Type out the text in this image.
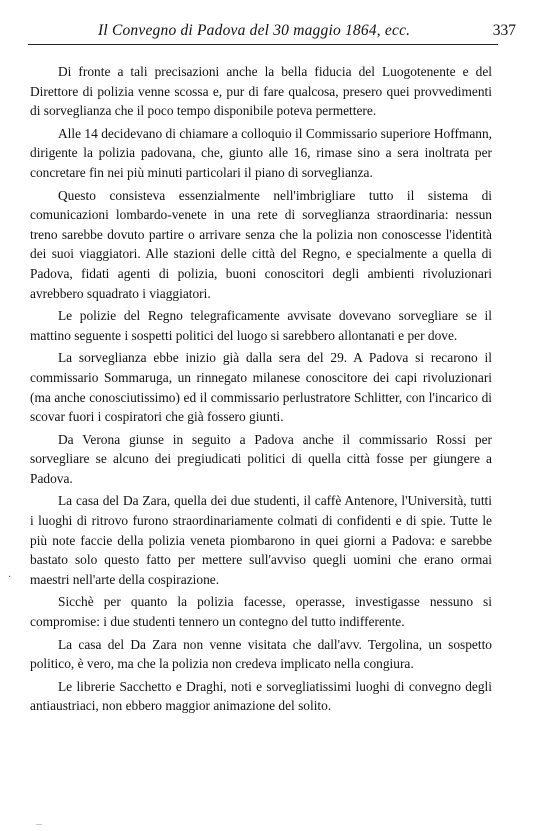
Il Convegno di Padova del 30 maggio 1864, ecc.	337

Di fronte a tali precisazioni anche la bella fiducia del Luogotenente e del Direttore di polizia venne scossa e, pur di fare qualcosa, presero quei provvedimenti di sorveglianza che il poco tempo disponibile poteva permettere.

Alle 14 decidevano di chiamare a colloquio il Commissario superiore Hoffmann, dirigente la polizia padovana, che, giunto alle 16, rimase sino a sera inoltrata per concretare fin nei più minuti particolari il piano di sorveglianza.

Questo consisteva essenzialmente nell'imbrigliare tutto il sistema di comunicazioni lombardo-venete in una rete di sorveglianza straordinaria: nessun treno sarebbe dovuto partire o arrivare senza che la polizia non conoscesse l'identità dei suoi viaggiatori. Alle stazioni delle città del Regno, e specialmente a quella di Padova, fidati agenti di polizia, buoni conoscitori degli ambienti rivoluzionari avrebbero squadrato i viaggiatori.

Le polizie del Regno telegraficamente avvisate dovevano sorvegliare se il mattino seguente i sospetti politici del luogo si sarebbero allontanati e per dove.

La sorveglianza ebbe inizio già dalla sera del 29. A Padova si recarono il commissario Sommaruga, un rinnegato milanese conoscitore dei capi rivoluzionari (ma anche conosciutissimo) ed il commissario perlustratore Schlitter, con l'incarico di scovar fuori i cospiratori che già fossero giunti.

Da Verona giunse in seguito a Padova anche il commissario Rossi per sorvegliare se alcuno dei pregiudicati politici di quella città fosse per giungere a Padova.

La casa del Da Zara, quella dei due studenti, il caffè Antenore, l'Università, tutti i luoghi di ritrovo furono straordinariamente colmati di confidenti e di spie. Tutte le più note faccie della polizia veneta piombarono in quei giorni a Padova: e sarebbe bastato solo questo fatto per mettere sull'avviso quegli uomini che erano ormai maestri nell'arte della cospirazione.

Sicchè per quanto la polizia facesse, operasse, investigasse nessuno si compromise: i due studenti tennero un contegno del tutto indifferente.

La casa del Da Zara non venne visitata che dall'avv. Tergolina, un sospetto politico, è vero, ma che la polizia non credeva implicato nella congiura.

Le librerie Sacchetto e Draghi, noti e sorvegliatissimi luoghi di convegno degli antiaustriaci, non ebbero maggior animazione del solito.

·
—
